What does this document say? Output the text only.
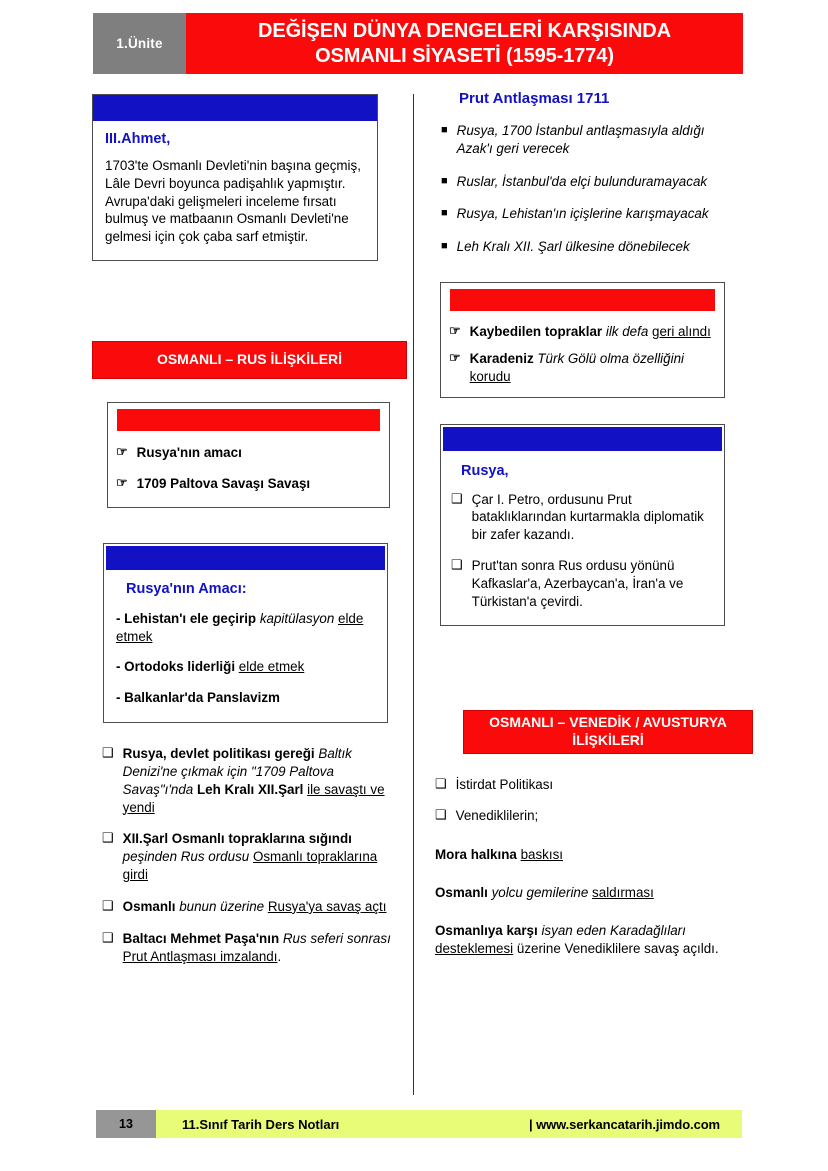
1.Ünite
DEĞİŞEN DÜNYA DENGELERİ KARŞISINDA
OSMANLI SİYASETİ (1595-1774)
III.Ahmet,

1703'te Osmanlı Devleti'nin başına geçmiş, Lâle Devri boyunca padişahlık yapmıştır. Avrupa'daki gelişmeleri inceleme fırsatı bulmuş ve matbaanın Osmanlı Devleti'ne gelmesi için çok çaba sarf etmiştir.

OSMANLI – RUS İLİŞKİLERİ
☞ Rusya'nın amacı
☞ 1709 Paltova Savaşı Savaşı
Rusya'nın Amacı:

- Lehistan'ı ele geçirip kapitülasyon elde etmek

- Ortodoks liderliği elde etmek

- Balkanlar'da Panslavizm

❑ Rusya, devlet politikası gereği Baltık Denizi'ne çıkmak için "1709 Paltova Savaş"ı'nda Leh Kralı XII.Şarl ile savaştı ve yendi
❑ XII.Şarl Osmanlı topraklarına sığındı peşinden Rus ordusu Osmanlı topraklarına girdi
❑ Osmanlı bunun üzerine Rusya'ya savaş açtı
❑ Baltacı Mehmet Paşa'nın Rus seferi sonrası Prut Antlaşması imzalandı.
Prut Antlaşması 1711
■ Rusya, 1700 İstanbul antlaşmasıyla aldığı Azak'ı geri verecek
■ Ruslar, İstanbul'da elçi bulunduramayacak
■ Rusya, Lehistan'ın içişlerine karışmayacak
■ Leh Kralı XII. Şarl ülkesine dönebilecek
☞ Kaybedilen topraklar ilk defa geri alındı
☞ Karadeniz Türk Gölü olma özelliğini korudu
Rusya,
❑ Çar I. Petro, ordusunu Prut bataklıklarından kurtarmakla diplomatik bir zafer kazandı.
❑ Prut'tan sonra Rus ordusu yönünü Kafkaslar'a, Azerbaycan'a, İran'a ve Türkistan'a çevirdi.
OSMANLI – VENEDİK / AVUSTURYA
İLİŞKİLERİ
❑ İstirdat Politikası
❑ Venediklilerin;

Mora halkına baskısı

Osmanlı yolcu gemilerine saldırması

Osmanlıya karşı isyan eden Karadağlıları desteklemesi üzerine Venediklilere savaş açıldı.

13	11.Sınıf Tarih Ders Notları	| www.serkancatarih.jimdo.com
